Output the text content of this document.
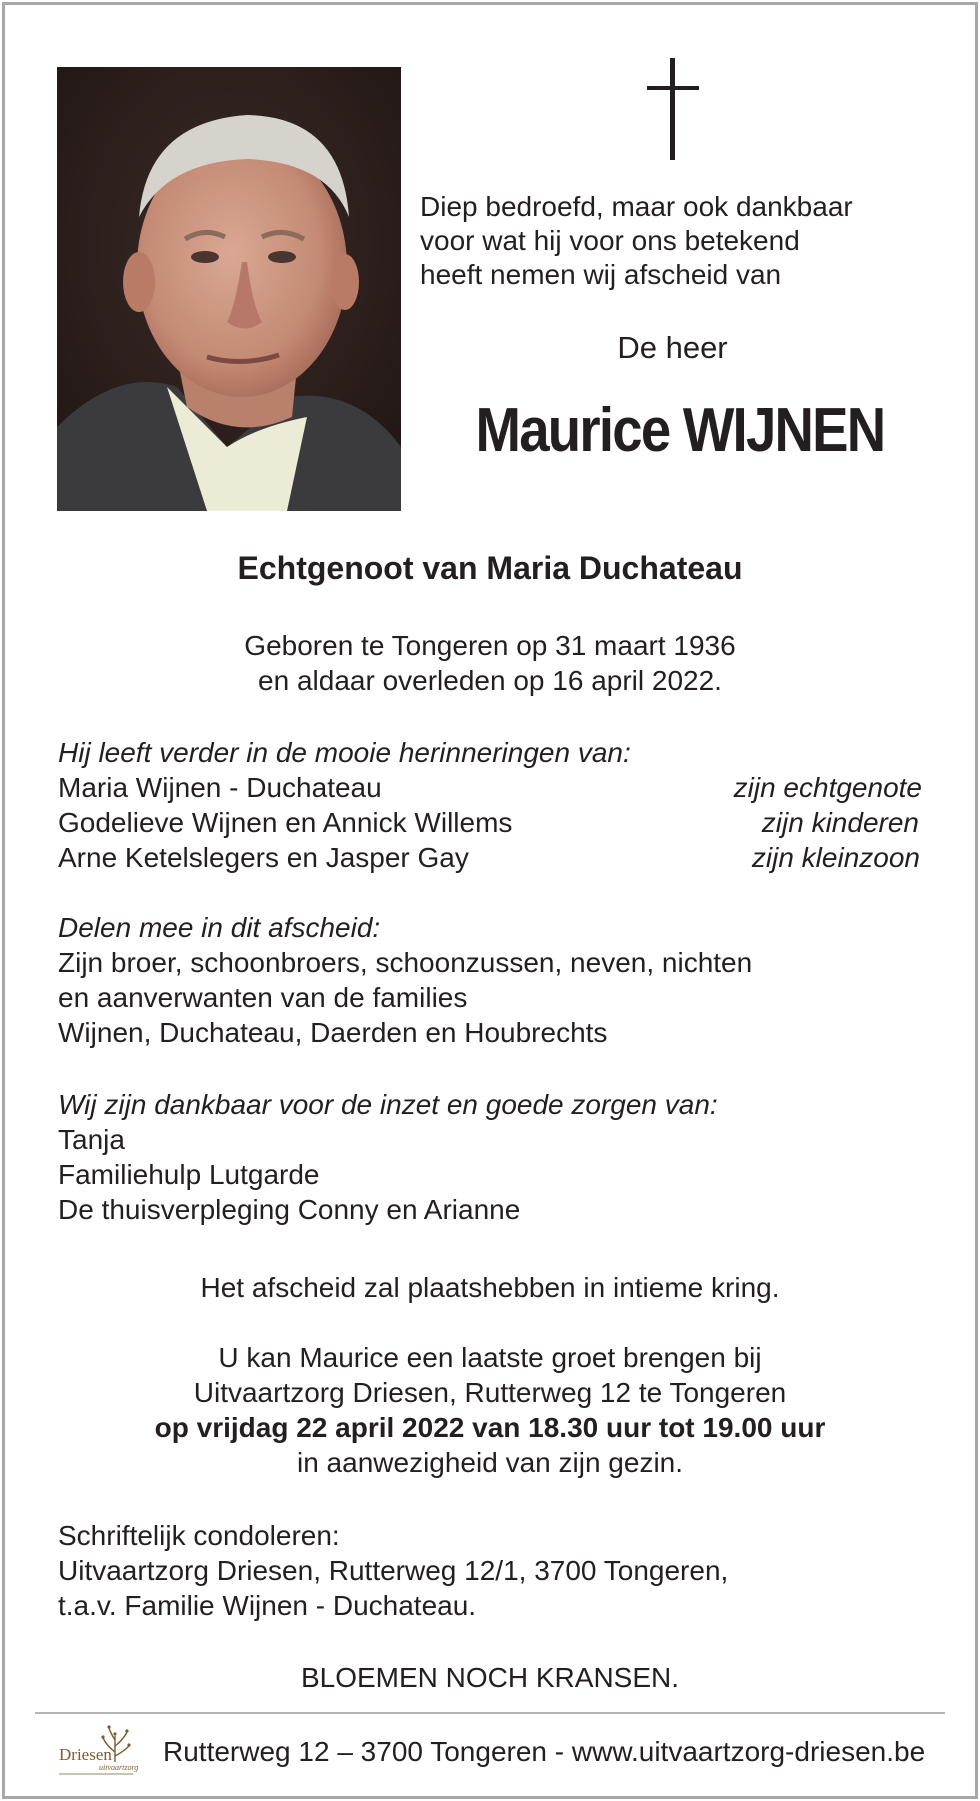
Diep bedroefd, maar ook dankbaar
voor wat hij voor ons betekend
heeft nemen wij afscheid van
De heer
Maurice WIJNEN
Echtgenoot van Maria Duchateau
Geboren te Tongeren op 31 maart 1936
en aldaar overleden op 16 april 2022.
Hij leeft verder in de mooie herinneringen van:
Maria Wijnen - Duchateau	zijn echtgenote
Godelieve Wijnen en Annick Willems	zijn kinderen
Arne Ketelslegers en Jasper Gay	zijn kleinzoon
Delen mee in dit afscheid:
Zijn broer, schoonbroers, schoonzussen, neven, nichten
en aanverwanten van de families
Wijnen, Duchateau, Daerden en Houbrechts
Wij zijn dankbaar voor de inzet en goede zorgen van:
Tanja
Familiehulp Lutgarde
De thuisverpleging Conny en Arianne
Het afscheid zal plaatshebben in intieme kring.
U kan Maurice een laatste groet brengen bij
Uitvaartzorg Driesen, Rutterweg 12 te Tongeren
op vrijdag 22 april 2022 van 18.30 uur tot 19.00 uur
in aanwezigheid van zijn gezin.
Schriftelijk condoleren:
Uitvaartzorg Driesen, Rutterweg 12/1, 3700 Tongeren,
t.a.v. Familie Wijnen - Duchateau.
BLOEMEN NOCH KRANSEN.
Driesen
uitvaartzorg
Rutterweg 12 – 3700 Tongeren - www.uitvaartzorg-driesen.be
